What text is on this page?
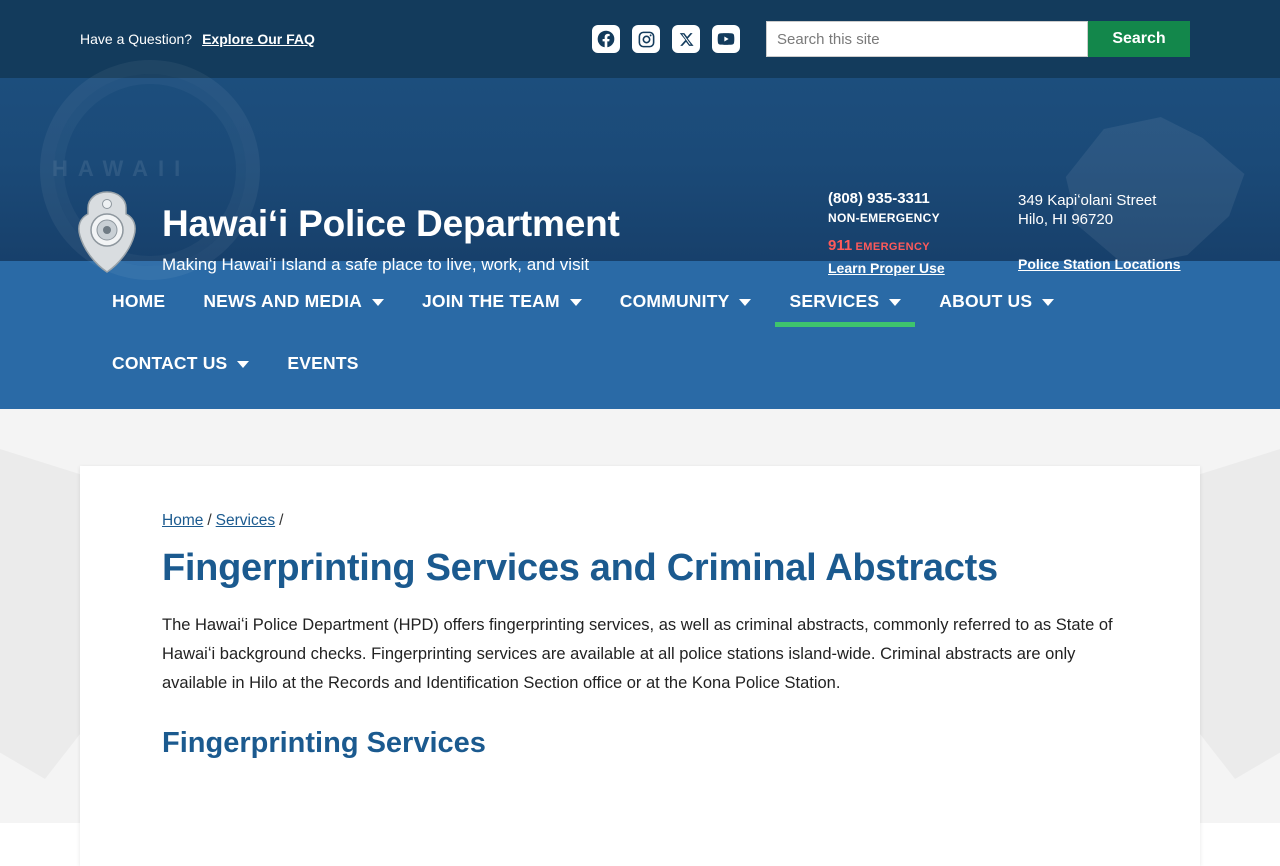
Have a Question? Explore Our FAQ
Search this site	Search
HAWAII
Hawaiʻi Police Department
Making Hawaiʻi Island a safe place to live, work, and visit
(808) 935-3311
NON-EMERGENCY
911 EMERGENCY
Learn Proper Use
349 Kapiʻolani Street
Hilo, HI 96720
Police Station Locations
HOME NEWS AND MEDIA	JOIN THE TEAM	COMMUNITY	SERVICES	ABOUT US
CONTACT US	EVENTS
Home / Services /
Fingerprinting Services and Criminal Abstracts

The Hawaiʻi Police Department (HPD) offers fingerprinting services, as well as criminal abstracts, commonly referred to as State of Hawaiʻi background checks. Fingerprinting services are available at all police stations island-wide. Criminal abstracts are only available in Hilo at the Records and Identification Section office or at the Kona Police Station.

Fingerprinting Services
